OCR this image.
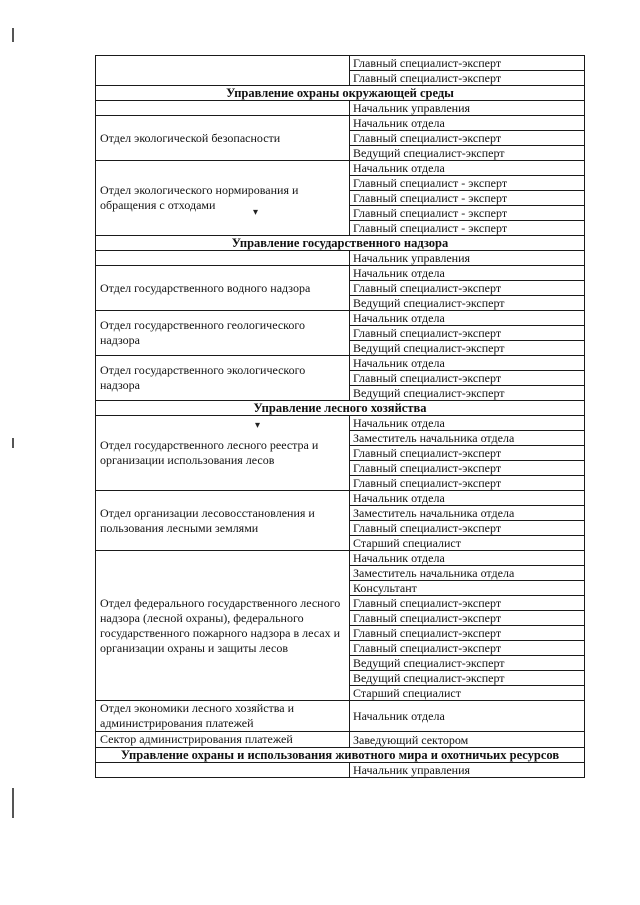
▾
▾
	Главный специалист-эксперт
	Главный специалист-эксперт
Управление охраны окружающей среды	
	Начальник управления
Отдел экологической безопасности	Начальник отдела
	Главный специалист-эксперт
	Ведущий специалист-эксперт
Отдел экологического нормирования и обращения с отходами	Начальник отдела
	Главный специалист - эксперт
	Главный специалист - эксперт
	Главный специалист - эксперт
	Главный специалист - эксперт
Управление государственного надзора	
	Начальник управления
Отдел государственного водного надзора	Начальник отдела
	Главный специалист-эксперт
	Ведущий специалист-эксперт
Отдел государственного геологического надзора	Начальник отдела
	Главный специалист-эксперт
	Ведущий специалист-эксперт
Отдел государственного экологического надзора	Начальник отдела
	Главный специалист-эксперт
	Ведущий специалист-эксперт
Управление лесного хозяйства	
Отдел государственного лесного реестра и организации использования лесов	Начальник отдела
	Заместитель начальника отдела
	Главный специалист-эксперт
	Главный специалист-эксперт
	Главный специалист-эксперт
Отдел организации лесовосстановления и пользования лесными землями	Начальник отдела
	Заместитель начальника отдела
	Главный специалист-эксперт
	Старший специалист
Отдел федерального государственного лесного надзора (лесной охраны), федерального государственного пожарного надзора в лесах и организации охраны и защиты лесов	Начальник отдела
	Заместитель начальника отдела
	Консультант
	Главный специалист-эксперт
	Главный специалист-эксперт
	Главный специалист-эксперт
	Главный специалист-эксперт
	Ведущий специалист-эксперт
	Ведущий специалист-эксперт
	Старший специалист
Отдел экономики лесного хозяйства и администрирования платежей	Начальник отдела
Сектор администрирования платежей	Заведующий сектором
Управление охраны и использования животного мира и охотничьих ресурсов	
	Начальник управления
